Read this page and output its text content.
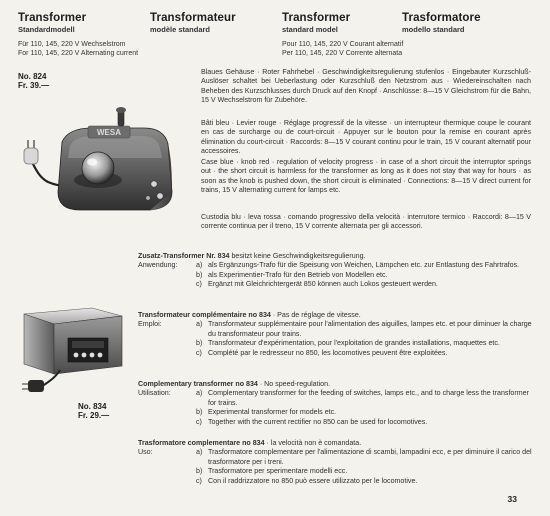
Transformer
Standardmodell
Transformateur
modèle standard
Transformer
standard model
Trasformatore
modello standard
Für 110, 145, 220 V Wechselstrom
For 110, 145, 220 V Alternating current
Pour 110, 145, 220 V Courant alternatif
Per 110, 145, 220 V Corrente alternata
No. 824
Fr. 39.—
WESA
Blaues Gehäuse · Roter Fahrhebel · Geschwindigkeitsregulierung stufenlos · Eingebauter Kurzschluß-Auslöser schaltet bei Ueberlastung oder Kurzschluß den Netzstrom aus · Wiedereinschalten nach Beheben des Kurzschlusses durch Druck auf den Knopf · Anschlüsse: 8—15 V Gleichstrom für die Bahn, 15 V Wechselstrom für Zubehöre.
Bâti bleu · Levier rouge · Réglage progressif de la vitesse · un interrupteur thermique coupe le courant en cas de surcharge ou de court-circuit · Appuyer sur le bouton pour la remise en courant après élimination du court-circuit · Raccords: 8—15 V courant continu pour le train, 15 V courant alternatif pour accessoires.
Case blue · knob red · regulation of velocity progress · in case of a short circuit the interruptor springs out · the short circuit is harmless for the transformer as long as it does not stay that way for hours · as soon as the knob is pushed down, the short circuit is eliminated · Connections: 8—15 V direct current for trains, 15 V alternating current for lamps etc.
Custodia blu · leva rossa · comando progressivo della velocità · interrutore termico · Raccordi: 8—15 V corrente continua per il treno, 15 V corrente alternata per gli accessori.
No. 834
Fr. 29.—
Zusatz-Transformer Nr. 834 besitzt keine Geschwindigkeitsregulierung.
Anwendung:	a) als Ergänzungs-Trafo für die Speisung von Weichen, Lämpchen etc. zur Entlastung des Fahrtrafos.
b) als Experimentier-Trafo für den Betrieb von Modellen etc.
c) Ergänzt mit Gleichrichtergerät 850 können auch Lokos gesteuert werden.
Transformateur complémentaire no 834 · Pas de réglage de vitesse.
Emploi:	a) Transformateur supplémentaire pour l'alimentation des aiguilles, lampes etc. et pour diminuer la charge du transformateur pour trains.
b) Transformateur d'expérimentation, pour l'exploitation de grandes installations, maquettes etc.
c) Complété par le redresseur no 850, les locomotives peuvent être exploitées.
Complementary transformer no 834 · No speed-regulation.
Utilisation:	a) Complementary transformer for the feeding of switches, lamps etc., and to charge less the transformer for trains.
b) Experimental transformer for models etc.
c) Together with the current rectifier no 850 can be used for locomotives.
Trasformatore complementare no 834 · la velocità non è comandata.
Uso:	a) Trasformatore complementare per l'alimentazione di scambi, lampadini ecc, e per diminuire il carico del trasformatore per i treni.
b) Trasformatore per sperimentare modelli ecc.
c) Con il raddrizzatore no 850 può essere utilizzato per le locomotive.
33
